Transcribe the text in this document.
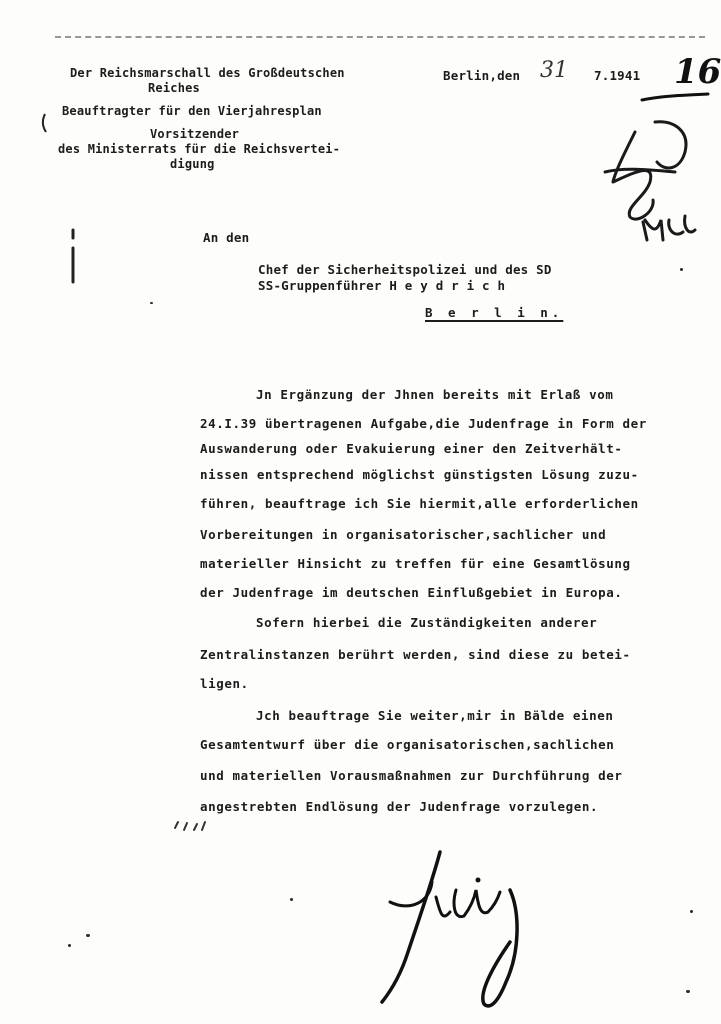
Der Reichsmarschall des Großdeutschen
Reiches
Beauftragter für den Vierjahresplan
Vorsitzender
des Ministerrats für die Reichsvertei-
digung
Berlin,den 31 7.1941 16
An den
Chef der Sicherheitspolizei und des SD
SS-Gruppenführer H e y d r i c h
B e r l i n.
Jn Ergänzung der Jhnen bereits mit Erlaß vom
24.I.39 übertragenen Aufgabe,die Judenfrage in Form der
Auswanderung oder Evakuierung einer den Zeitverhält-
nissen entsprechend möglichst günstigsten Lösung zuzu-
führen, beauftrage ich Sie hiermit,alle erforderlichen
Vorbereitungen in organisatorischer,sachlicher und
materieller Hinsicht zu treffen für eine Gesamtlösung
der Judenfrage im deutschen Einflußgebiet in Europa.
Sofern hierbei die Zuständigkeiten anderer
Zentralinstanzen berührt werden, sind diese zu betei-
ligen.
Jch beauftrage Sie weiter,mir in Bälde einen
Gesamtentwurf über die organisatorischen,sachlichen
und materiellen Vorausmaßnahmen zur Durchführung der
angestrebten Endlösung der Judenfrage vorzulegen.
